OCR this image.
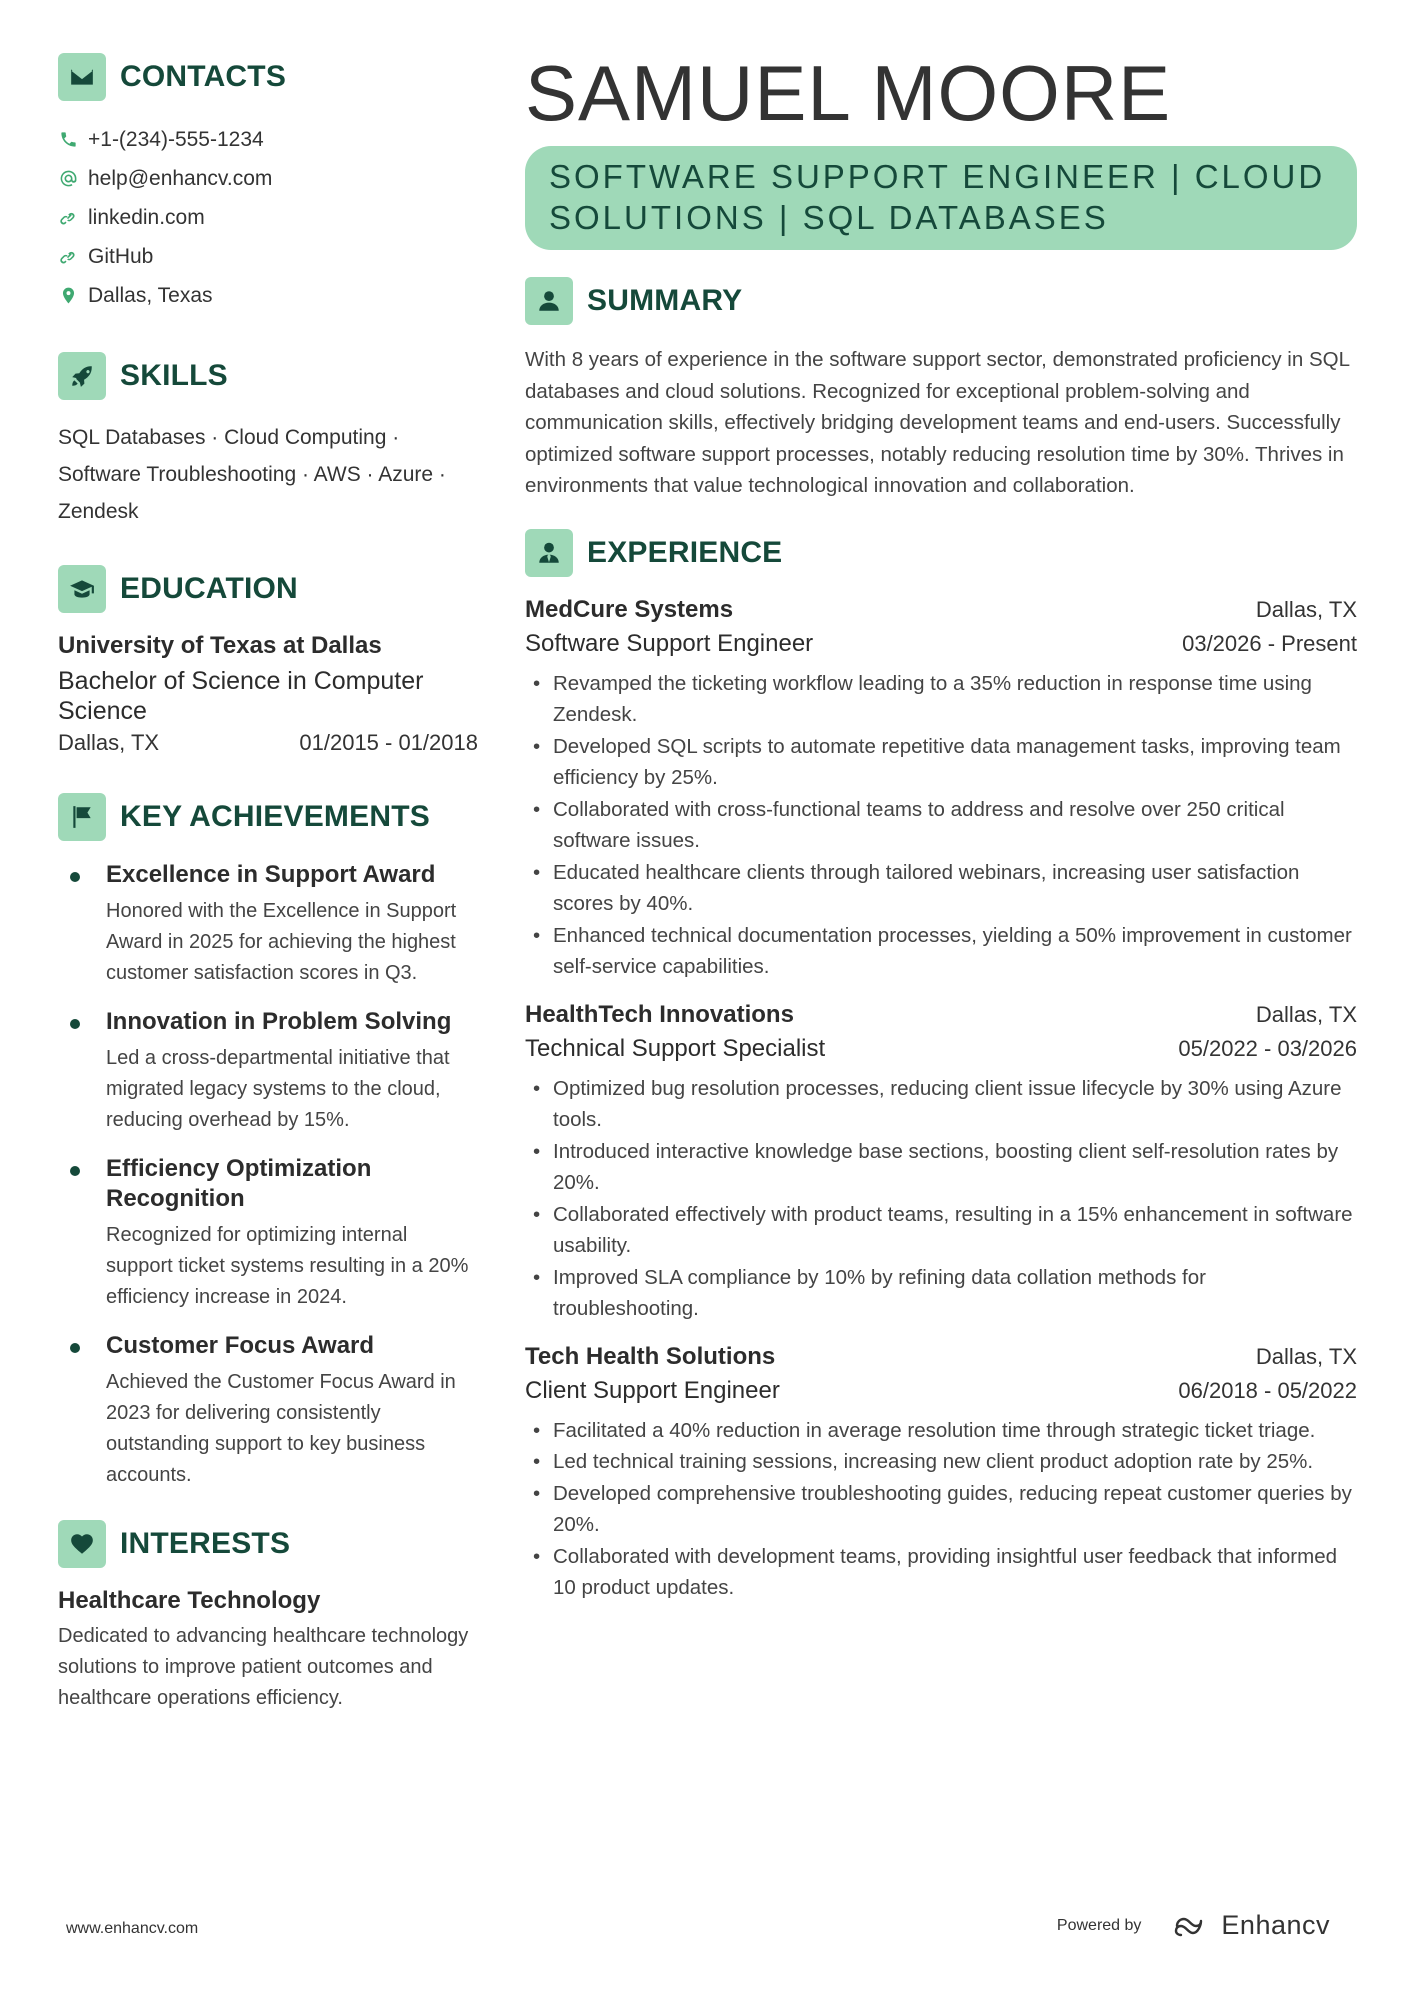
CONTACTS
+1-(234)-555-1234
help@enhancv.com
linkedin.com
GitHub
Dallas, Texas
SKILLS
SQL Databases · Cloud Computing · Software Troubleshooting · AWS · Azure · Zendesk
EDUCATION
University of Texas at Dallas
Bachelor of Science in Computer Science
Dallas, TX	01/2015 - 01/2018
KEY ACHIEVEMENTS
Excellence in Support Award
Honored with the Excellence in Support Award in 2025 for achieving the highest customer satisfaction scores in Q3.
Innovation in Problem Solving
Led a cross-departmental initiative that migrated legacy systems to the cloud, reducing overhead by 15%.
Efficiency Optimization Recognition
Recognized for optimizing internal support ticket systems resulting in a 20% efficiency increase in 2024.
Customer Focus Award
Achieved the Customer Focus Award in 2023 for delivering consistently outstanding support to key business accounts.
INTERESTS
Healthcare Technology
Dedicated to advancing healthcare technology solutions to improve patient outcomes and healthcare operations efficiency.
SAMUEL MOORE
SOFTWARE SUPPORT ENGINEER | CLOUD SOLUTIONS | SQL DATABASES
SUMMARY
With 8 years of experience in the software support sector, demonstrated proficiency in SQL databases and cloud solutions. Recognized for exceptional problem-solving and communication skills, effectively bridging development teams and end-users. Successfully optimized software support processes, notably reducing resolution time by 30%. Thrives in environments that value technological innovation and collaboration.
EXPERIENCE
MedCure Systems	Dallas, TX
Software Support Engineer	03/2026 - Present
• Revamped the ticketing workflow leading to a 35% reduction in response time using Zendesk.
• Developed SQL scripts to automate repetitive data management tasks, improving team efficiency by 25%.
• Collaborated with cross-functional teams to address and resolve over 250 critical software issues.
• Educated healthcare clients through tailored webinars, increasing user satisfaction scores by 40%.
• Enhanced technical documentation processes, yielding a 50% improvement in customer self-service capabilities.
HealthTech Innovations	Dallas, TX
Technical Support Specialist	05/2022 - 03/2026
• Optimized bug resolution processes, reducing client issue lifecycle by 30% using Azure tools.
• Introduced interactive knowledge base sections, boosting client self-resolution rates by 20%.
• Collaborated effectively with product teams, resulting in a 15% enhancement in software usability.
• Improved SLA compliance by 10% by refining data collation methods for troubleshooting.
Tech Health Solutions	Dallas, TX
Client Support Engineer	06/2018 - 05/2022
• Facilitated a 40% reduction in average resolution time through strategic ticket triage.
• Led technical training sessions, increasing new client product adoption rate by 25%.
• Developed comprehensive troubleshooting guides, reducing repeat customer queries by 20%.
• Collaborated with development teams, providing insightful user feedback that informed 10 product updates.
www.enhancv.com	Powered by	Enhancv
